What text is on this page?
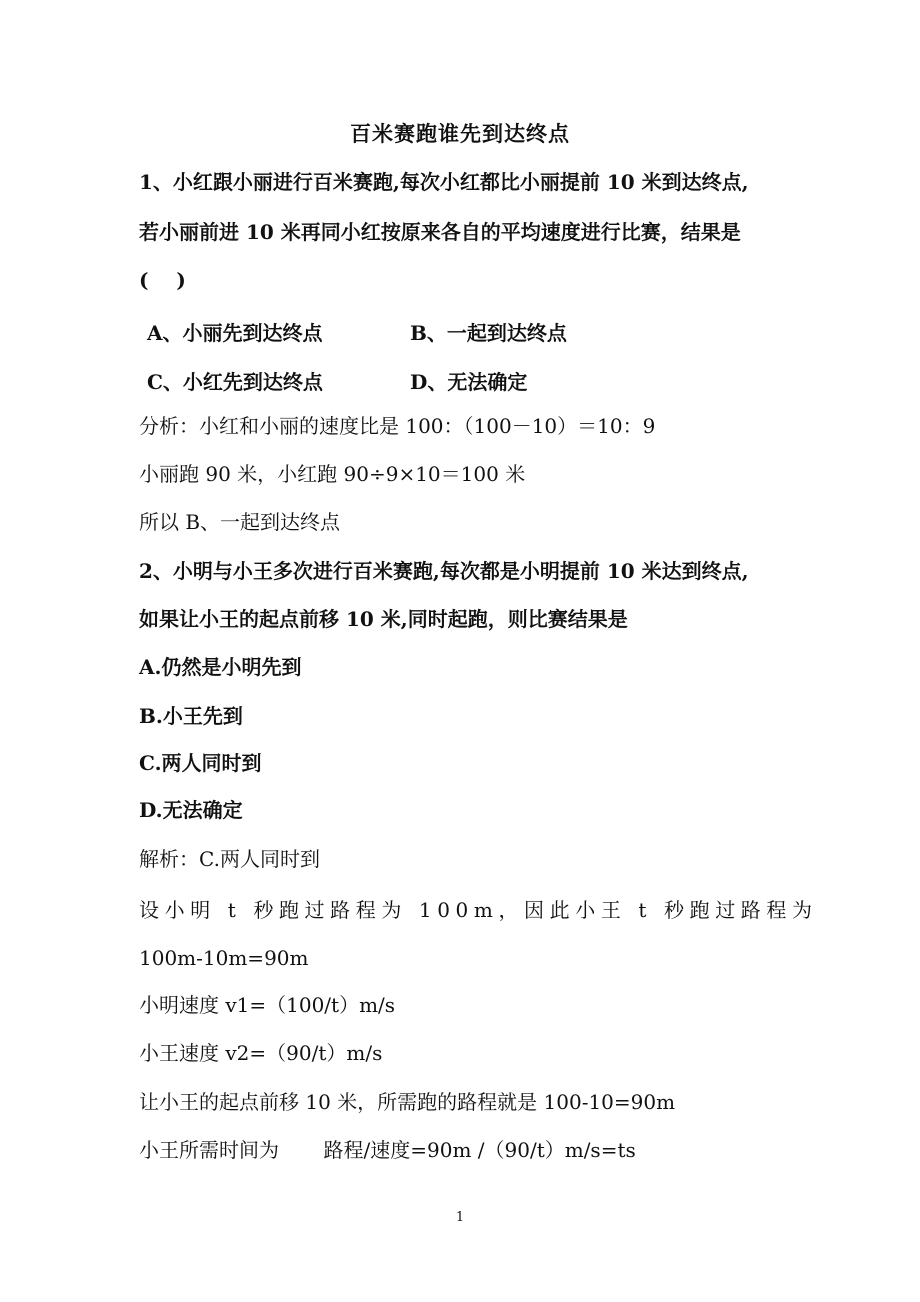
百米赛跑谁先到达终点
1、小红跟小丽进行百米赛跑,每次小红都比小丽提前 10 米到达终点,
若小丽前进 10 米再同小红按原来各自的平均速度进行比赛，结果是
(    )
A、小丽先到达终点	B、一起到达终点
C、小红先到达终点	D、无法确定
分析：小红和小丽的速度比是 100：（100－10）＝10：9
小丽跑 90 米，小红跑 90÷9×10＝100 米
所以 B、一起到达终点
2、小明与小王多次进行百米赛跑,每次都是小明提前 10 米达到终点,
如果让小王的起点前移 10 米,同时起跑，则比赛结果是
A.仍然是小明先到
B.小王先到
C.两人同时到
D.无法确定
解析：C.两人同时到
设小明 t 秒跑过路程为 100m，因此小王 t 秒跑过路程为
100m-10m=90m
小明速度 v1=（100/t）m/s
小王速度 v2=（90/t）m/s
让小王的起点前移 10 米，所需跑的路程就是 100-10=90m
小王所需时间为       路程/速度=90m /（90/t）m/s=ts
1
